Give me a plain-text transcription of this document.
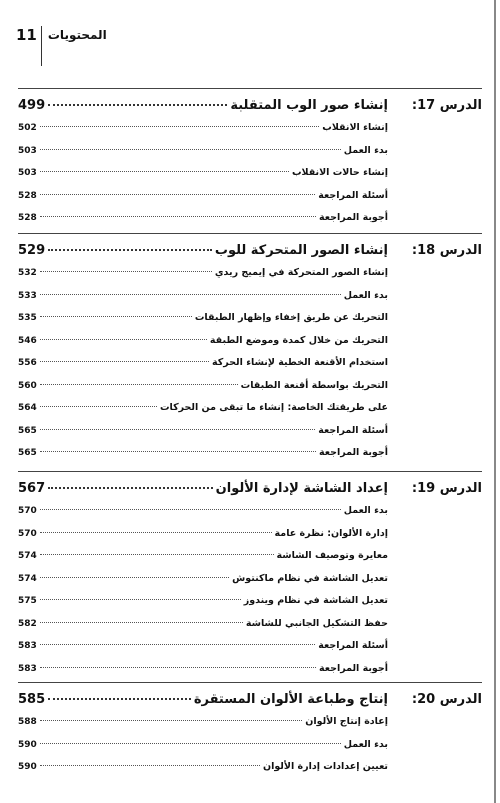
11 المحتويات
الدرس 17:
499	إنشاء صور الوب المتقلبة
502	إنشاء الانقلاب
503	بدء العمل
503	إنشاء حالات الانقلاب
528	أسئلة المراجعة
528	أجوبة المراجعة
الدرس 18:
529	إنشاء الصور المتحركة للوب
532	إنشاء الصور المتحركة في إيميج ريدي
533	بدء العمل
535	التحريك عن طريق إخفاء وإظهار الطبقات
546	التحريك من خلال كمدة وموضع الطبقة
556	استخدام الأقنعة الخطية لإنشاء الحركة
560	التحريك بواسطة أقنعة الطبقات
564	على طريقتك الخاصة: إنشاء ما تبقى من الحركات
565	أسئلة المراجعة
565	أجوبة المراجعة
الدرس 19:
567	إعداد الشاشة لإدارة الألوان
570	بدء العمل
570	إدارة الألوان: نظرة عامة
574	معايرة وتوصيف الشاشة
574	تعديل الشاشة في نظام ماكنتوش
575	تعديل الشاشة في نظام ويندوز
582	حفظ التشكيل الجانبي للشاشة
583	أسئلة المراجعة
583	أجوبة المراجعة
الدرس 20:
585	إنتاج وطباعة الألوان المستقرة
588	إعادة إنتاج الألوان
590	بدء العمل
590	تعيين إعدادات إدارة الألوان
